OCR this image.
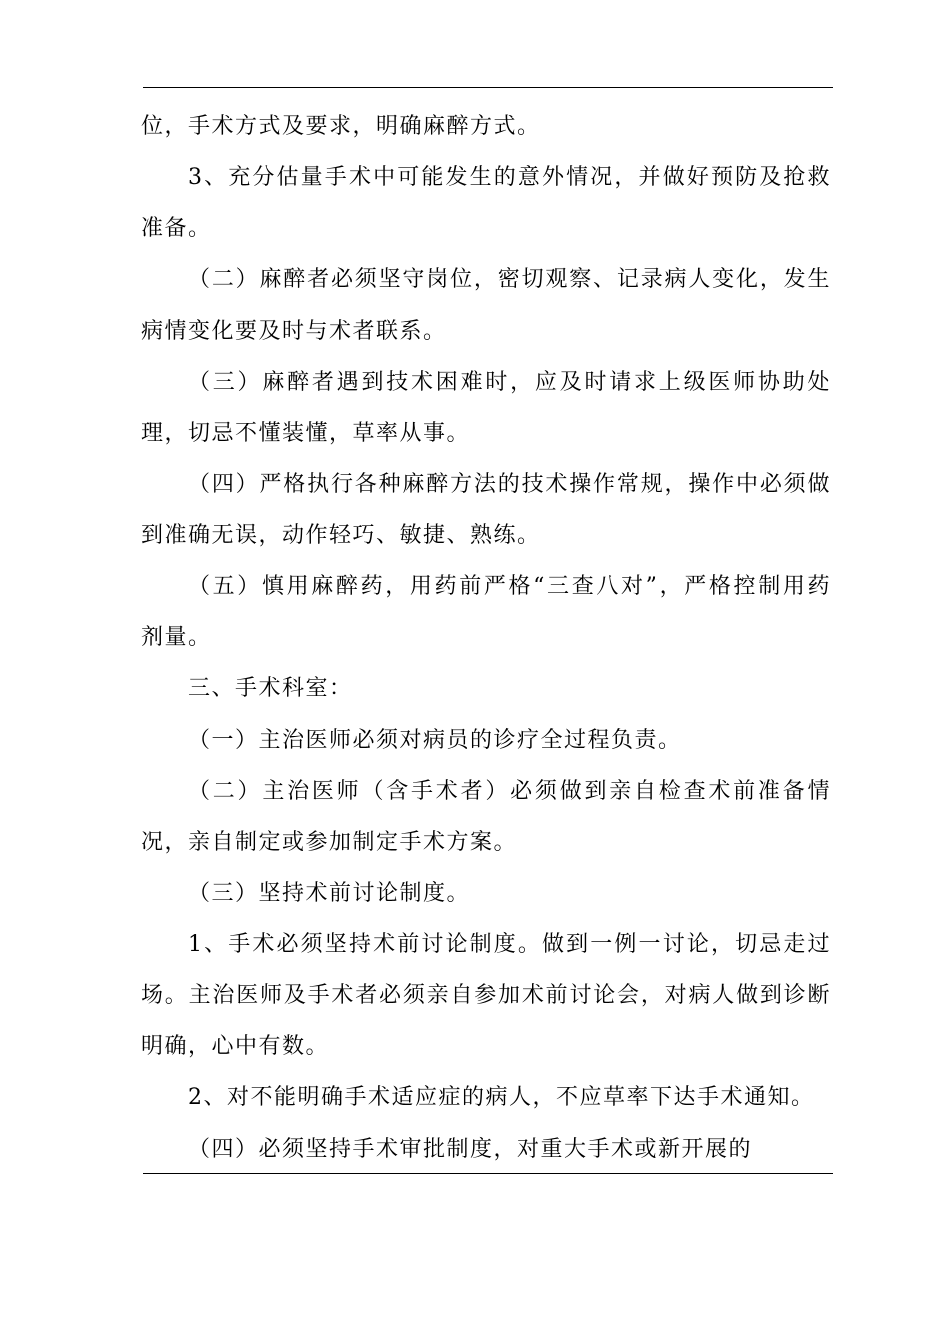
位，手术方式及要求，明确麻醉方式。
3、充分估量手术中可能发生的意外情况，并做好预防及抢救
准备。
（二）麻醉者必须坚守岗位，密切观察、记录病人变化，发生
病情变化要及时与术者联系。
（三）麻醉者遇到技术困难时，应及时请求上级医师协助处
理，切忌不懂装懂，草率从事。
（四）严格执行各种麻醉方法的技术操作常规，操作中必须做
到准确无误，动作轻巧、敏捷、熟练。
（五）慎用麻醉药，用药前严格“三查八对”，严格控制用药
剂量。
三、手术科室：
（一）主治医师必须对病员的诊疗全过程负责。
（二）主治医师（含手术者）必须做到亲自检查术前准备情
况，亲自制定或参加制定手术方案。
（三）坚持术前讨论制度。
1、手术必须坚持术前讨论制度。做到一例一讨论，切忌走过
场。主治医师及手术者必须亲自参加术前讨论会，对病人做到诊断
明确，心中有数。
2、对不能明确手术适应症的病人，不应草率下达手术通知。
（四）必须坚持手术审批制度，对重大手术或新开展的
